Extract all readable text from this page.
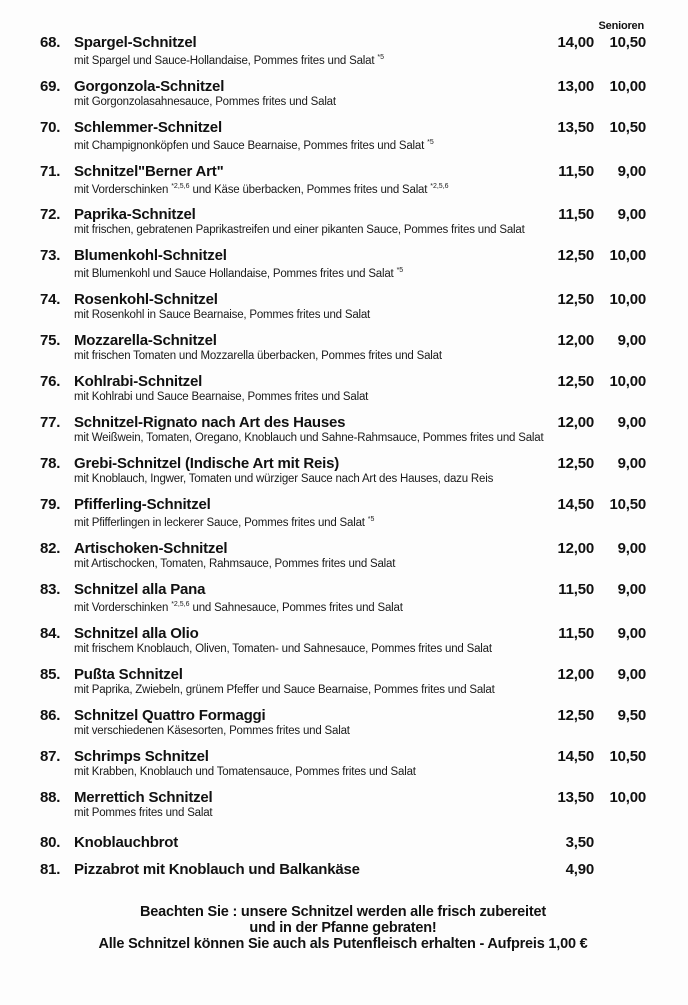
Senioren
68. Spargel-Schnitzel	14,00	10,50
mit Spargel und Sauce-Hollandaise, Pommes frites und Salat $^{*5}$
69. Gorgonzola-Schnitzel	13,00	10,00
mit Gorgonzolasahnesauce, Pommes frites und Salat
70. Schlemmer-Schnitzel	13,50	10,50
mit Champignonköpfen und Sauce Bearnaise, Pommes frites und Salat $^{*5}$
71. Schnitzel"Berner Art"	11,50	9,00
mit Vorderschinken $^{*2,5,6}$ und Käse überbacken, Pommes frites und Salat $^{*2,5,6}$
72. Paprika-Schnitzel	11,50	9,00
mit frischen, gebratenen Paprikastreifen und einer pikanten Sauce, Pommes frites und Salat
73. Blumenkohl-Schnitzel	12,50	10,00
mit Blumenkohl und Sauce Hollandaise, Pommes frites und Salat $^{*5}$
74. Rosenkohl-Schnitzel	12,50	10,00
mit Rosenkohl in Sauce Bearnaise, Pommes frites und Salat
75. Mozzarella-Schnitzel	12,00	9,00
mit frischen Tomaten und Mozzarella überbacken, Pommes frites und Salat
76. Kohlrabi-Schnitzel	12,50	10,00
mit Kohlrabi und Sauce Bearnaise, Pommes frites und Salat
77. Schnitzel-Rignato nach Art des Hauses	12,00	9,00
mit Weißwein, Tomaten, Oregano, Knoblauch und Sahne-Rahmsauce, Pommes frites und Salat
78. Grebi-Schnitzel (Indische Art mit Reis)	12,50	9,00
mit Knoblauch, Ingwer, Tomaten und würziger Sauce nach Art des Hauses, dazu Reis
79. Pfifferling-Schnitzel	14,50	10,50
mit Pfifferlingen in leckerer Sauce, Pommes frites und Salat $^{*5}$
82. Artischoken-Schnitzel	12,00	9,00
mit Artischocken, Tomaten, Rahmsauce, Pommes frites und Salat
83. Schnitzel alla Pana	11,50	9,00
mit Vorderschinken $^{*2,5,6}$ und Sahnesauce, Pommes frites und Salat
84. Schnitzel alla Olio	11,50	9,00
mit frischem Knoblauch, Oliven, Tomaten- und Sahnesauce, Pommes frites und Salat
85. Pußta Schnitzel	12,00	9,00
mit Paprika, Zwiebeln, grünem Pfeffer und Sauce Bearnaise, Pommes frites und Salat
86. Schnitzel Quattro Formaggi	12,50	9,50
mit verschiedenen Käsesorten, Pommes frites und Salat
87. Schrimps Schnitzel	14,50	10,50
mit Krabben, Knoblauch und Tomatensauce, Pommes frites und Salat
88. Merrettich Schnitzel	13,50	10,00
mit Pommes frites und Salat
80. Knoblauchbrot	3,50
81. Pizzabrot mit Knoblauch und Balkankäse	4,90
Beachten Sie : unsere Schnitzel werden alle frisch zubereitet
und in der Pfanne gebraten!
Alle Schnitzel können Sie auch als Putenfleisch erhalten - Aufpreis 1,00 €
